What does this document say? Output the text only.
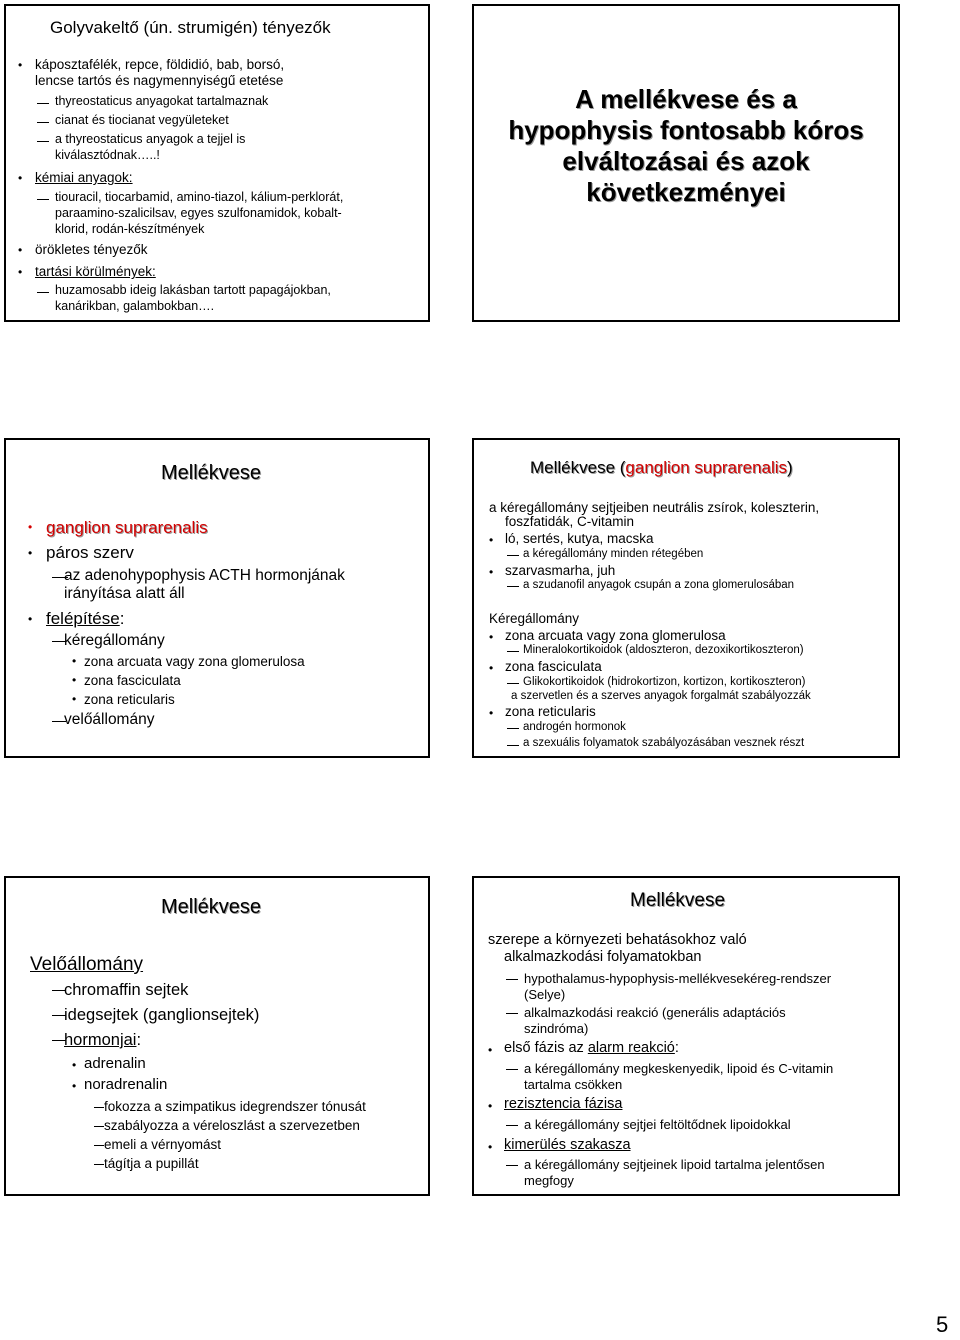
Golyvakeltő (ún. strumigén) tényezők
• káposztafélék, repce, földidió, bab, borsó,
lencse tartós és nagymennyiségű etetése
thyreostaticus anyagokat tartalmaznak
cianat és tiocianat vegyületeket
a thyreostaticus anyagok a tejjel is
kiválasztódnak…..!
• kémiai anyagok:
tiouracil, tiocarbamid, amino-tiazol, kálium-perklorát,
paraamino-szalicilsav, egyes szulfonamidok, kobalt-
klorid, rodán-készítmények
• örökletes tényezők
• tartási körülmények:
huzamosabb ideig lakásban tartott papagájokban,
kanárikban, galambokban….
A mellékvese és a
hypophysis fontosabb kóros
elváltozásai és azok
következményei
Mellékvese
• ganglion suprarenalis
• páros szerv
az adenohypophysis ACTH hormonjának
irányítása alatt áll
• felépítése:
kéregállomány
• zona arcuata vagy zona glomerulosa
• zona fasciculata
• zona reticularis
velőállomány
Mellékvese (ganglion suprarenalis)
a kéregállomány sejtjeiben neutrális zsírok, koleszterin,
foszfatidák, C-vitamin
• ló, sertés, kutya, macska
a kéregállomány minden rétegében
• szarvasmarha, juh
a szudanofil anyagok csupán a zona glomerulosában
Kéregállomány
• zona arcuata vagy zona glomerulosa
Mineralokortikoidok (aldoszteron, dezoxikortikoszteron)
• zona fasciculata
Glikokortikoidok (hidrokortizon, kortizon, kortikoszteron)
a szervetlen és a szerves anyagok forgalmát szabályozzák
• zona reticularis
androgén hormonok
a szexuális folyamatok szabályozásában vesznek részt
Mellékvese
Velőállomány
chromaffin sejtek
idegsejtek (ganglionsejtek)
hormonjai:
• adrenalin
• noradrenalin
fokozza a szimpatikus idegrendszer tónusát
szabályozza a véreloszlást a szervezetben
emeli a vérnyomást
tágítja a pupillát
Mellékvese
szerepe a környezeti behatásokhoz való
alkalmazkodási folyamatokban
hypothalamus-hypophysis-mellékvesekéreg-rendszer
(Selye)
alkalmazkodási reakció (generális adaptációs
szindróma)
• első fázis az alarm reakció:
a kéregállomány megkeskenyedik, lipoid és C-vitamin
tartalma csökken
• rezisztencia fázisa
a kéregállomány sejtjei feltöltődnek lipoidokkal
• kimerülés szakasza
a kéregállomány sejtjeinek lipoid tartalma jelentősen
megfogy
5
